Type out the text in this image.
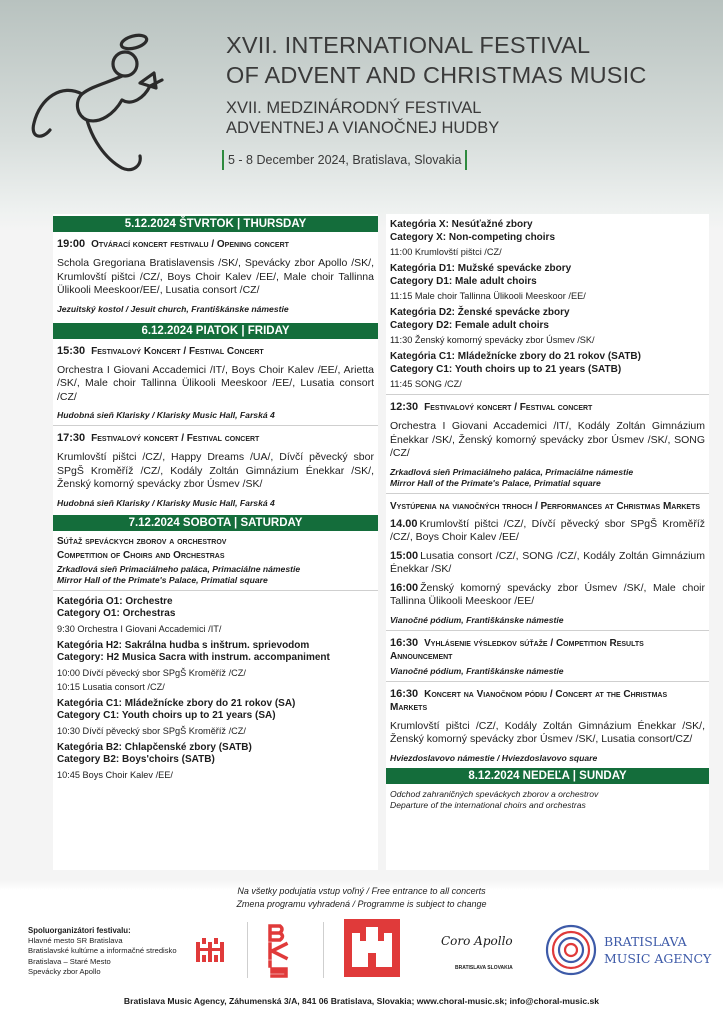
XVII. INTERNATIONAL FESTIVAL
OF ADVENT AND CHRISTMAS MUSIC
XVII. MEDZINÁRODNÝ FESTIVAL
ADVENTNEJ A VIANOČNEJ HUDBY
5 - 8 December 2024, Bratislava, Slovakia
5.12.2024 ŠTVRTOK | THURSDAY
19:00 Otvárací koncert festivalu / Opening concert
Schola Gregoriana Bratislavensis /SK/, Spevácky zbor Apollo /SK/, Krumlovští pištci /CZ/, Boys Choir Kalev /EE/, Male choir Tallinna Ülikooli Meeskoor/EE/, Lusatia consort /CZ/
Jezuitský kostol / Jesuit church, Františkánske námestie
6.12.2024 PIATOK | FRIDAY
15:30 Festivalový Koncert / Festival Concert
Orchestra I Giovani Accademici /IT/, Boys Choir Kalev /EE/, Arietta /SK/, Male choir Tallinna Ülikooli Meeskoor /EE/, Lusatia consort /CZ/
Hudobná sieň Klarisky / Klarisky Music Hall, Farská 4
17:30 Festivalový koncert / Festival concert
Krumlovští pištci /CZ/, Happy Dreams /UA/, Dívčí pěvecký sbor SPgŠ Kroměříž /CZ/, Kodály Zoltán Gimnázium Énekkar /SK/, Ženský komorný spevácky zbor Úsmev /SK/
Hudobná sieň Klarisky / Klarisky Music Hall, Farská 4
7.12.2024 SOBOTA | SATURDAY
Súťaž speváckych zborov a orchestrov
Competition of Choirs and Orchestras
Zrkadlová sieň Primaciálneho paláca, Primaciálne námestie
Mirror Hall of the Primate's Palace, Primatial square
Kategória O1: Orchestre
Category O1: Orchestras
9:30 Orchestra I Giovani Accademici /IT/
Kategória H2: Sakrálna hudba s inštrum. sprievodom
Category: H2 Musica Sacra with instrum. accompaniment
10:00 Dívčí pěvecký sbor SPgŠ Kroměříž /CZ/
10:15 Lusatia consort /CZ/
Kategória C1: Mládežnícke zbory do 21 rokov (SA)
Category C1: Youth choirs up to 21 years (SA)
10:30 Dívčí pěvecký sbor SPgŠ Kroměříž /CZ/
Kategória B2: Chlapčenské zbory (SATB)
Category B2: Boys'choirs (SATB)
10:45 Boys Choir Kalev /EE/
Kategória X: Nesúťažné zbory
Category X: Non-competing choirs
11:00 Krumlovští pištci /CZ/
Kategória D1: Mužské spevácke zbory
Category D1: Male adult choirs
11:15 Male choir Tallinna Ülikooli Meeskoor /EE/
Kategória D2: Ženské spevácke zbory
Category D2: Female adult choirs
11:30 Ženský komorný spevácky zbor Úsmev /SK/
Kategória C1: Mládežnícke zbory do 21 rokov (SATB)
Category C1: Youth choirs up to 21 years (SATB)
11:45 SONG /CZ/
12:30 Festivalový koncert / Festival concert
Orchestra I Giovani Accademici /IT/, Kodály Zoltán Gimnázium Énekkar /SK/, Ženský komorný spevácky zbor Úsmev /SK/, SONG /CZ/
Zrkadlová sieň Primaciálneho paláca, Primaciálne námestie
Mirror Hall of the Primate's Palace, Primatial square
Vystúpenia na vianočných trhoch / Performances at Christmas Markets
14.00 Krumlovští pištci /CZ/, Dívčí pěvecký sbor SPgŠ Kroměříž /CZ/, Boys Choir Kalev /EE/
15:00 Lusatia consort /CZ/, SONG /CZ/, Kodály Zoltán Gimnázium Énekkar /SK/
16:00 Ženský komorný spevácky zbor Úsmev /SK/, Male choir Tallinna Ülikooli Meeskoor /EE/
Vianočné pódium, Františkánske námestie
16:30 Vyhlásenie výsledkov súťaže / Competition Results Announcement
Vianočné pódium, Františkánske námestie
16:30 Koncert na Vianočnom pódiu / Concert at the Christmas Markets
Krumlovští pištci /CZ/, Kodály Zoltán Gimnázium Énekkar /SK/, Ženský komorný spevácky zbor Úsmev /SK/, Lusatia consort/CZ/
Hviezdoslavovo námestie / Hviezdoslavovo square
8.12.2024 NEDEĽA | SUNDAY
Odchod zahraničných speváckych zborov a orchestrov
Departure of the international choirs and orchestras
Na všetky podujatia vstup voľný / Free entrance to all concerts
Zmena programu vyhradená / Programme is subject to change
Spoluorganizátori festivalu:
Hlavné mesto SR Bratislava
Bratislavské kultúrne a informačné stredisko
Bratislava – Staré Mesto
Spevácky zbor Apollo
Coro Apollo
BRATISLAVA SLOVAKIA
BRATISLAVA
MUSIC AGENCY
Bratislava Music Agency, Záhumenská 3/A, 841 06 Bratislava, Slovakia; www.choral-music.sk; info@choral-music.sk
